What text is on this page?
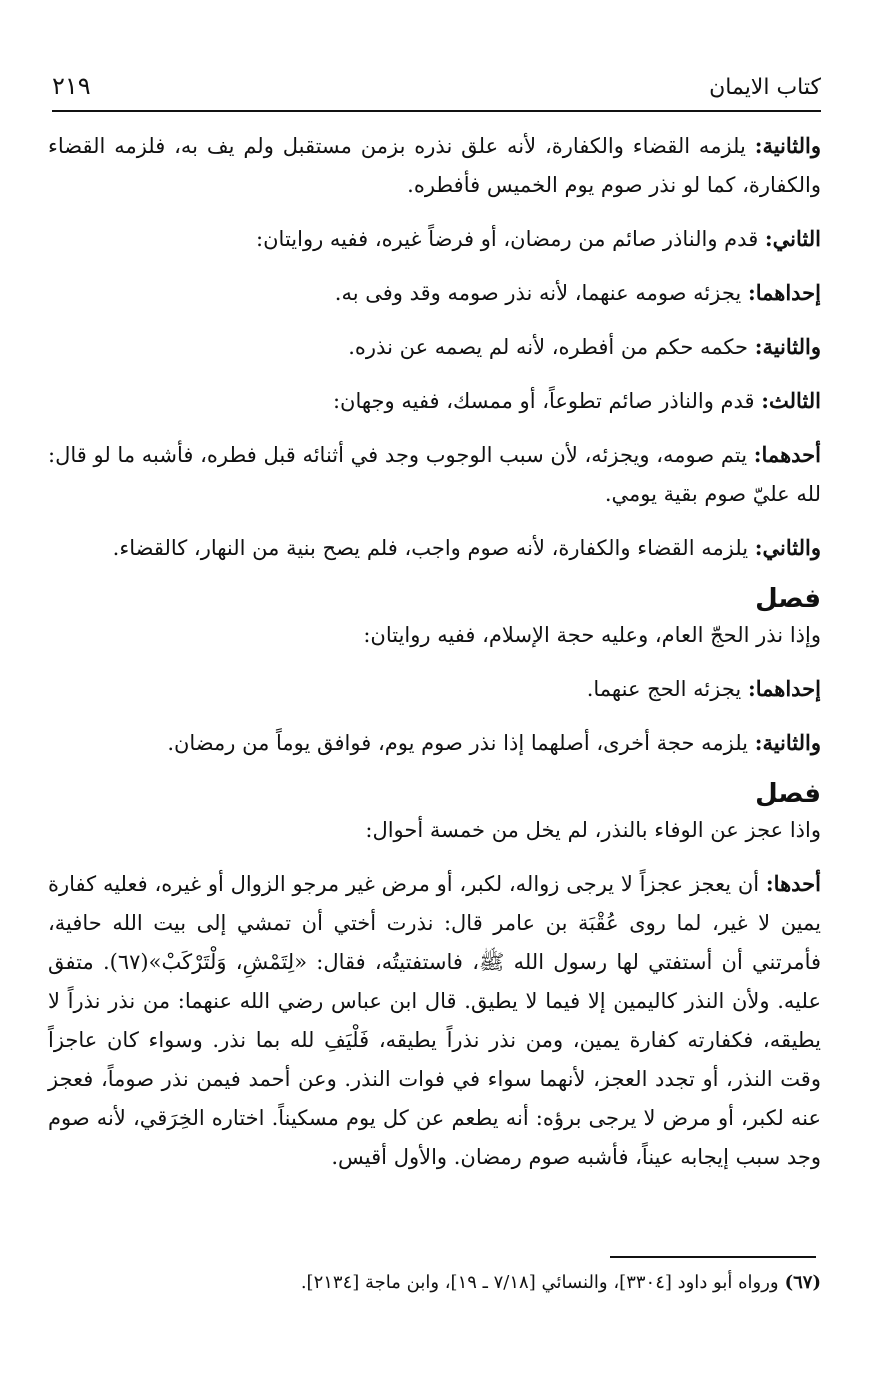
٢١٩	كتاب الايمان

والثانية: يلزمه القضاء والكفارة، لأنه علق نذره بزمن مستقبل ولم يف به، فلزمه القضاء والكفارة، كما لو نذر صوم يوم الخميس فأفطره.

الثاني: قدم والناذر صائم من رمضان، أو فرضاً غيره، ففيه روايتان:

إحداهما: يجزئه صومه عنهما، لأنه نذر صومه وقد وفى به.

والثانية: حكمه حكم من أفطره، لأنه لم يصمه عن نذره.

الثالث: قدم والناذر صائم تطوعاً، أو ممسك، ففيه وجهان:

أحدهما: يتم صومه، ويجزئه، لأن سبب الوجوب وجد في أثنائه قبل فطره، فأشبه ما لو قال: لله عليّ صوم بقية يومي.

والثاني: يلزمه القضاء والكفارة، لأنه صوم واجب، فلم يصح بنية من النهار، كالقضاء.

فصل

وإذا نذر الحجّ العام، وعليه حجة الإسلام، ففيه روايتان:

إحداهما: يجزئه الحج عنهما.

والثانية: يلزمه حجة أخرى، أصلهما إذا نذر صوم يوم، فوافق يوماً من رمضان.

فصل

واذا عجز عن الوفاء بالنذر، لم يخل من خمسة أحوال:

أحدها: أن يعجز عجزاً لا يرجى زواله، لكبر، أو مرض غير مرجو الزوال أو غيره، فعليه كفارة يمين لا غير، لما روى عُقْبَة بن عامر قال: نذرت أختي أن تمشي إلى بيت الله حافية، فأمرتني أن أستفتي لها رسول الله ﷺ، فاستفتيتُه، فقال: «لِتَمْشِ، وَلْتَرْكَبْ»(٦٧). متفق عليه. ولأن النذر كاليمين إلا فيما لا يطيق. قال ابن عباس رضي الله عنهما: من نذر نذراً لا يطيقه، فكفارته كفارة يمين، ومن نذر نذراً يطيقه، فَلْيَفِ لله بما نذر. وسواء كان عاجزاً وقت النذر، أو تجدد العجز، لأنهما سواء في فوات النذر. وعن أحمد فيمن نذر صوماً، فعجز عنه لكبر، أو مرض لا يرجى برؤه: أنه يطعم عن كل يوم مسكيناً. اختاره الخِرَقي، لأنه صوم وجد سبب إيجابه عيناً، فأشبه صوم رمضان. والأول أقيس.

(٦٧)ورواه أبو داود [٣٣٠٤]، والنسائي [٧/١٨ ـ ١٩]، وابن ماجة [٢١٣٤].
